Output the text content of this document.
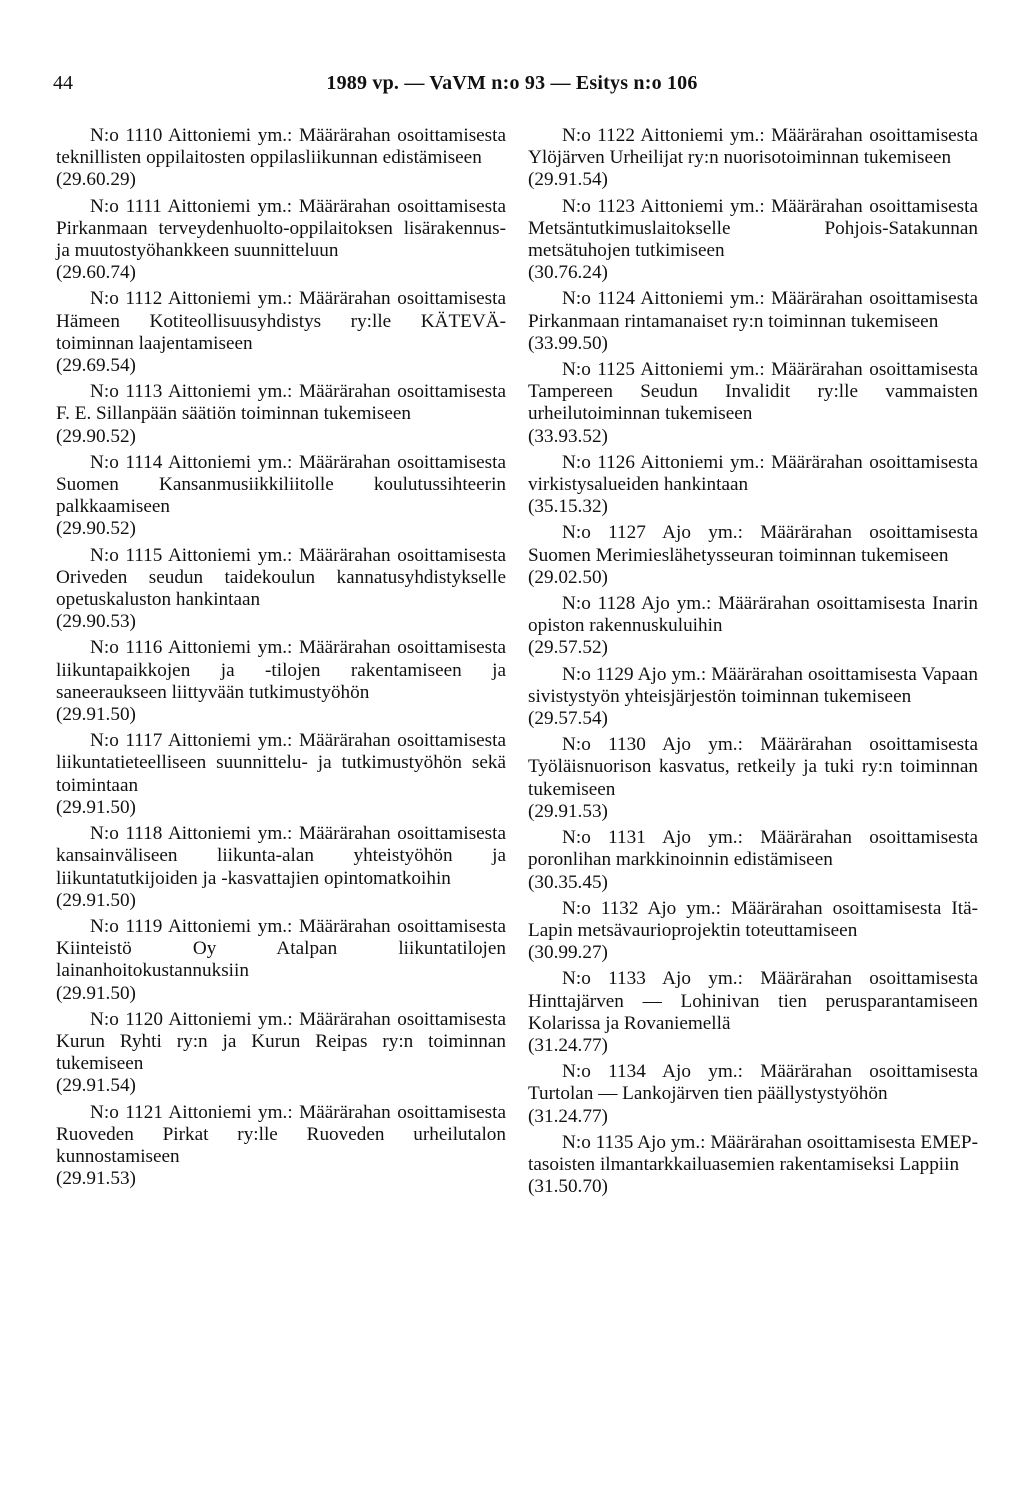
44	1989 vp. — VaVM n:o 93 — Esitys n:o 106

N:o 1110 Aittoniemi ym.: Määrärahan osoittamisesta teknillisten oppilaitosten oppilasliikunnan edistämiseen

(29.60.29)

N:o 1111 Aittoniemi ym.: Määrärahan osoittamisesta Pirkanmaan terveydenhuolto-oppilaitoksen lisärakennus- ja muutostyöhankkeen suunnitteluun

(29.60.74)

N:o 1112 Aittoniemi ym.: Määrärahan osoittamisesta Hämeen Kotiteollisuusyhdistys ry:lle KÄTEVÄ-toiminnan laajentamiseen

(29.69.54)

N:o 1113 Aittoniemi ym.: Määrärahan osoittamisesta F. E. Sillanpään säätiön toiminnan tukemiseen

(29.90.52)

N:o 1114 Aittoniemi ym.: Määrärahan osoittamisesta Suomen Kansanmusiikkiliitolle koulutussihteerin palkkaamiseen

(29.90.52)

N:o 1115 Aittoniemi ym.: Määrärahan osoittamisesta Oriveden seudun taidekoulun kannatusyhdistykselle opetuskaluston hankintaan

(29.90.53)

N:o 1116 Aittoniemi ym.: Määrärahan osoittamisesta liikuntapaikkojen ja -tilojen rakentamiseen ja saneeraukseen liittyvään tutkimustyöhön

(29.91.50)

N:o 1117 Aittoniemi ym.: Määrärahan osoittamisesta liikuntatieteelliseen suunnittelu- ja tutkimustyöhön sekä toimintaan

(29.91.50)

N:o 1118 Aittoniemi ym.: Määrärahan osoittamisesta kansainväliseen liikunta-alan yhteistyöhön ja liikuntatutkijoiden ja -kasvattajien opintomatkoihin

(29.91.50)

N:o 1119 Aittoniemi ym.: Määrärahan osoittamisesta Kiinteistö Oy Atalpan liikuntatilojen lainanhoitokustannuksiin

(29.91.50)

N:o 1120 Aittoniemi ym.: Määrärahan osoittamisesta Kurun Ryhti ry:n ja Kurun Reipas ry:n toiminnan tukemiseen

(29.91.54)

N:o 1121 Aittoniemi ym.: Määrärahan osoittamisesta Ruoveden Pirkat ry:lle Ruoveden urheilutalon kunnostamiseen

(29.91.53)

N:o 1122 Aittoniemi ym.: Määrärahan osoittamisesta Ylöjärven Urheilijat ry:n nuorisotoiminnan tukemiseen

(29.91.54)

N:o 1123 Aittoniemi ym.: Määrärahan osoittamisesta Metsäntutkimuslaitokselle Pohjois-Satakunnan metsätuhojen tutkimiseen

(30.76.24)

N:o 1124 Aittoniemi ym.: Määrärahan osoittamisesta Pirkanmaan rintamanaiset ry:n toiminnan tukemiseen

(33.99.50)

N:o 1125 Aittoniemi ym.: Määrärahan osoittamisesta Tampereen Seudun Invalidit ry:lle vammaisten urheilutoiminnan tukemiseen

(33.93.52)

N:o 1126 Aittoniemi ym.: Määrärahan osoittamisesta virkistysalueiden hankintaan

(35.15.32)

N:o 1127 Ajo ym.: Määrärahan osoittamisesta Suomen Merimieslähetysseuran toiminnan tukemiseen

(29.02.50)

N:o 1128 Ajo ym.: Määrärahan osoittamisesta Inarin opiston rakennuskuluihin

(29.57.52)

N:o 1129 Ajo ym.: Määrärahan osoittamisesta Vapaan sivistystyön yhteisjärjestön toiminnan tukemiseen

(29.57.54)

N:o 1130 Ajo ym.: Määrärahan osoittamisesta Työläisnuorison kasvatus, retkeily ja tuki ry:n toiminnan tukemiseen

(29.91.53)

N:o 1131 Ajo ym.: Määrärahan osoittamisesta poronlihan markkinoinnin edistämiseen

(30.35.45)

N:o 1132 Ajo ym.: Määrärahan osoittamisesta Itä-Lapin metsävaurioprojektin toteuttamiseen

(30.99.27)

N:o 1133 Ajo ym.: Määrärahan osoittamisesta Hinttajärven — Lohinivan tien perusparantamiseen Kolarissa ja Rovaniemellä

(31.24.77)

N:o 1134 Ajo ym.: Määrärahan osoittamisesta Turtolan — Lankojärven tien päällystystyöhön

(31.24.77)

N:o 1135 Ajo ym.: Määrärahan osoittamisesta EMEP-tasoisten ilmantarkkailuasemien rakentamiseksi Lappiin

(31.50.70)
